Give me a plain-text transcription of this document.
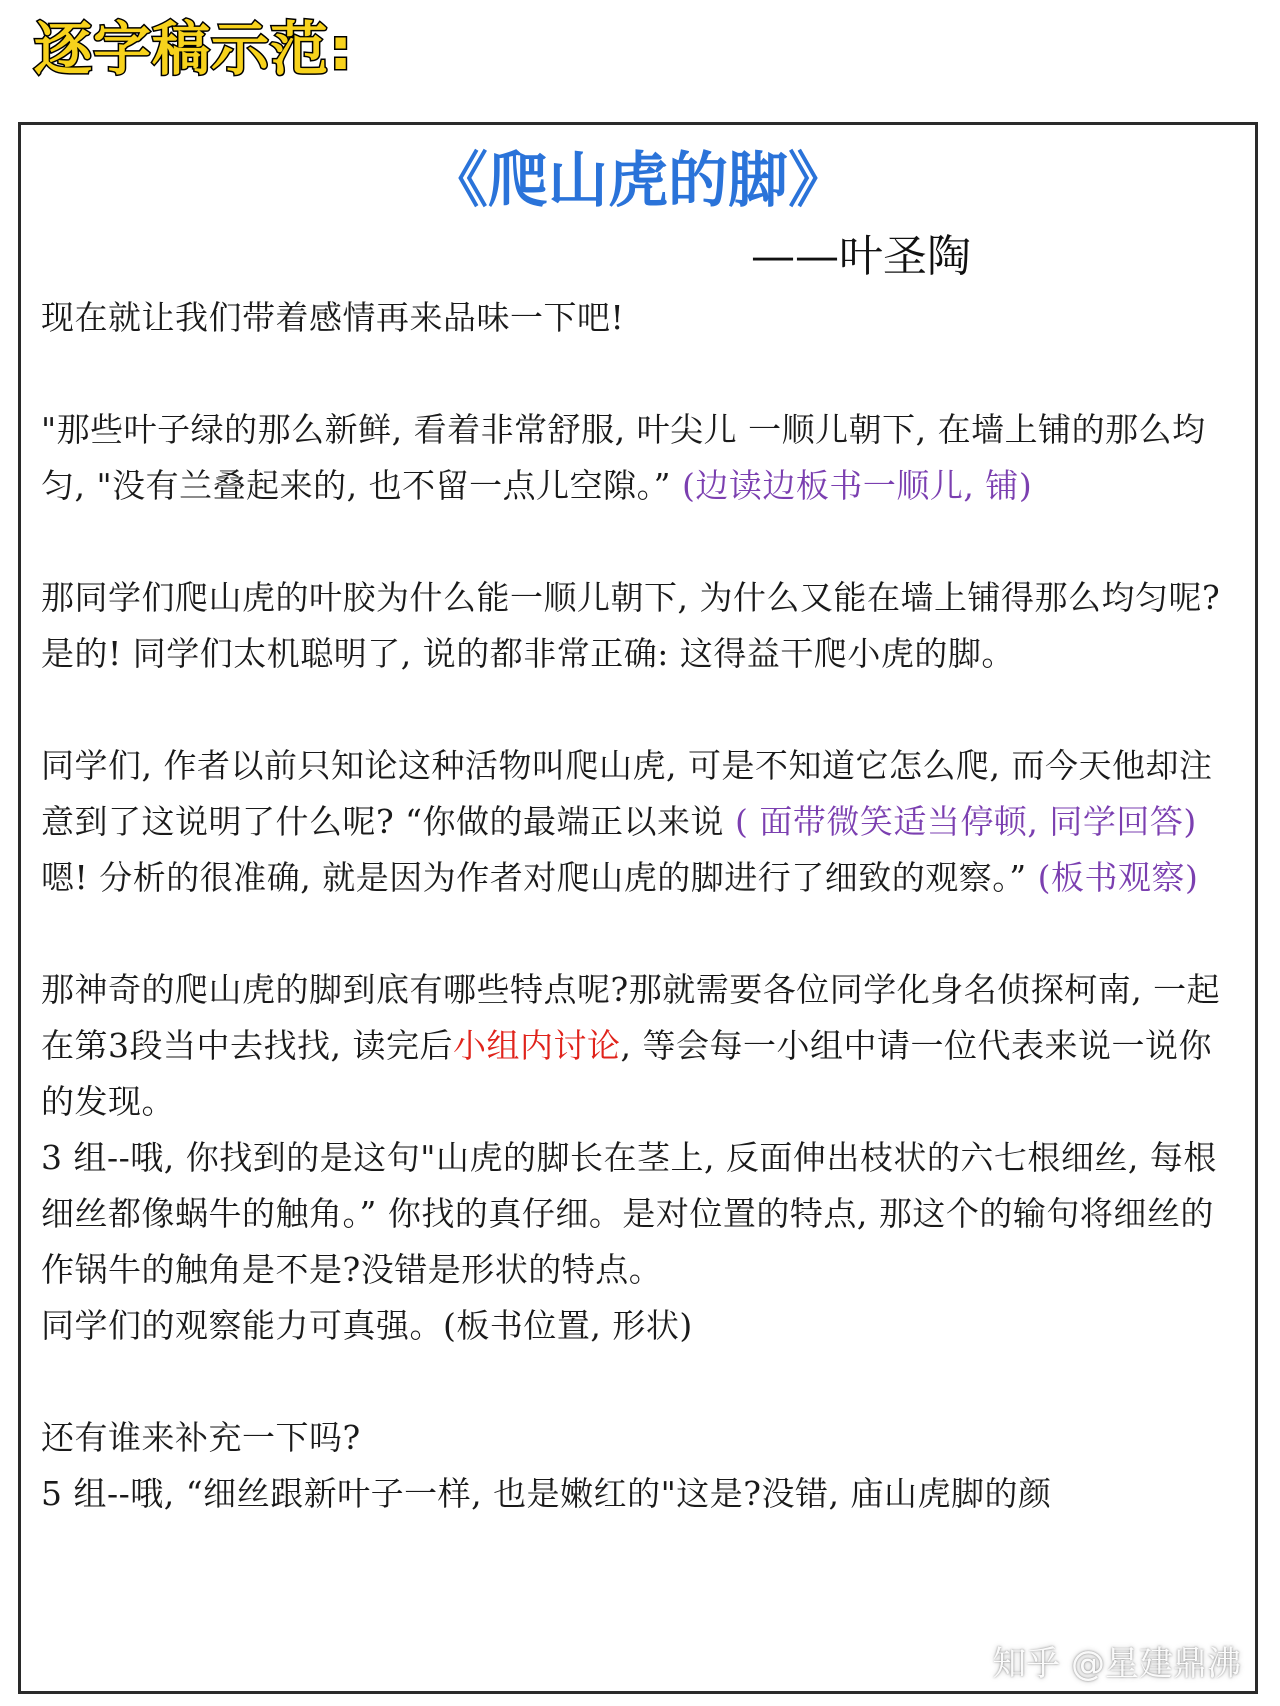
逐字稿示范:
《爬山虎的脚》
——叶圣陶

现在就让我们带着感情再来品味一下吧!

"那些叶子绿的那么新鲜, 看着非常舒服, 叶尖儿 一顺儿朝下, 在墙上铺的那么均匀, "没有兰叠起来的, 也不留一点儿空隙。” (边读边板书一顺儿, 铺)

那同学们爬山虎的叶胶为什么能一顺儿朝下, 为什么又能在墙上铺得那么均匀呢?是的! 同学们太机聪明了, 说的都非常正确: 这得益干爬小虎的脚。

同学们, 作者以前只知论这种活物叫爬山虎, 可是不知道它怎么爬, 而今天他却注意到了这说明了什么呢? “你做的最端正以来说 ( 面带微笑适当停顿, 同学回答) 嗯! 分析的很准确, 就是因为作者对爬山虎的脚进行了细致的观察。” (板书观察)

那神奇的爬山虎的脚到底有哪些特点呢?那就需要各位同学化身名侦探柯南, 一起在第3段当中去找找, 读完后小组内讨论, 等会每一小组中请一位代表来说一说你的发现。

3 组--哦, 你找到的是这句"山虎的脚长在茎上, 反面伸出枝状的六七根细丝, 每根细丝都像蜗牛的触角。” 你找的真仔细。是对位置的特点, 那这个的输句将细丝的作锅牛的触角是不是?没错是形状的特点。

同学们的观察能力可真强。(板书位置, 形状)

还有谁来补充一下吗?

5 组--哦, “细丝跟新叶子一样, 也是嫩红的"这是?没错, 庙山虎脚的颜

知乎 @星建鼎沸
